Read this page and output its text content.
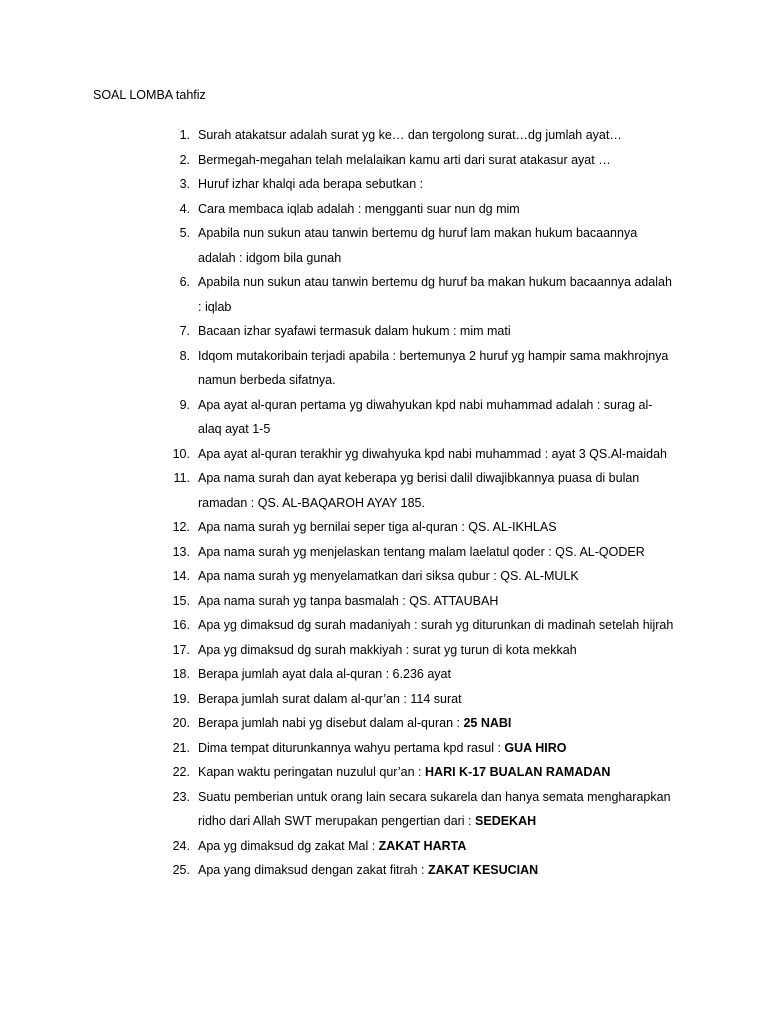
SOAL LOMBA tahfiz
1. Surah atakatsur adalah surat yg ke… dan tergolong surat…dg jumlah ayat…
2. Bermegah-megahan telah melalaikan kamu arti dari surat atakasur ayat …
3. Huruf izhar khalqi ada berapa sebutkan :
4. Cara membaca iqlab adalah : mengganti suar nun dg mim
5. Apabila nun sukun atau tanwin bertemu dg huruf lam makan hukum bacaannya adalah : idgom bila gunah
6. Apabila nun sukun atau tanwin bertemu dg huruf ba makan hukum bacaannya adalah : iqlab
7. Bacaan izhar syafawi termasuk dalam hukum : mim mati
8. Idqom mutakoribain terjadi apabila : bertemunya 2 huruf yg hampir sama makhrojnya namun berbeda sifatnya.
9. Apa ayat al-quran pertama yg diwahyukan kpd nabi muhammad adalah : surag al-alaq ayat 1-5
10. Apa ayat al-quran terakhir yg diwahyuka kpd nabi muhammad : ayat 3 QS.Al-maidah
11. Apa nama surah dan ayat keberapa yg berisi dalil diwajibkannya puasa di bulan ramadan : QS. AL-BAQAROH AYAY 185.
12. Apa nama surah yg bernilai seper tiga al-quran : QS. AL-IKHLAS
13. Apa nama surah yg menjelaskan tentang malam laelatul qoder : QS. AL-QODER
14. Apa nama surah yg menyelamatkan dari siksa qubur : QS. AL-MULK
15. Apa nama surah yg tanpa basmalah : QS. ATTAUBAH
16. Apa yg dimaksud dg surah madaniyah : surah yg diturunkan di madinah setelah hijrah
17. Apa yg dimaksud dg surah makkiyah : surat yg turun di kota mekkah
18. Berapa jumlah ayat dala al-quran : 6.236 ayat
19. Berapa jumlah surat dalam al-qur’an : 114 surat
20. Berapa jumlah nabi yg disebut dalam al-quran : 25 NABI
21. Dima tempat diturunkannya wahyu pertama kpd rasul : GUA HIRO
22. Kapan waktu peringatan nuzulul qur’an : HARI K-17 BUALAN RAMADAN
23. Suatu pemberian untuk orang lain secara sukarela dan hanya semata mengharapkan ridho dari Allah SWT merupakan pengertian dari : SEDEKAH
24. Apa yg dimaksud dg zakat Mal : ZAKAT HARTA
25. Apa yang dimaksud dengan zakat fitrah : ZAKAT KESUCIAN
